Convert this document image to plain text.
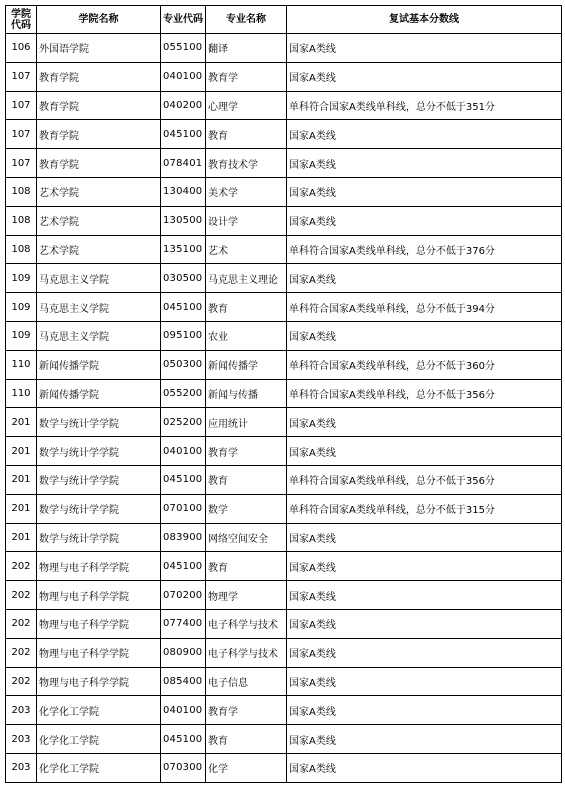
学院代码	学院名称	专业代码	专业名称	复试基本分数线
106	外国语学院	055100	翻译	国家A类线
107	教育学院	040100	教育学	国家A类线
107	教育学院	040200	心理学	单科符合国家A类线单科线，总分不低于351分
107	教育学院	045100	教育	国家A类线
107	教育学院	078401	教育技术学	国家A类线
108	艺术学院	130400	美术学	国家A类线
108	艺术学院	130500	设计学	国家A类线
108	艺术学院	135100	艺术	单科符合国家A类线单科线，总分不低于376分
109	马克思主义学院	030500	马克思主义理论	国家A类线
109	马克思主义学院	045100	教育	单科符合国家A类线单科线，总分不低于394分
109	马克思主义学院	095100	农业	国家A类线
110	新闻传播学院	050300	新闻传播学	单科符合国家A类线单科线，总分不低于360分
110	新闻传播学院	055200	新闻与传播	单科符合国家A类线单科线，总分不低于356分
201	数学与统计学学院	025200	应用统计	国家A类线
201	数学与统计学学院	040100	教育学	国家A类线
201	数学与统计学学院	045100	教育	单科符合国家A类线单科线，总分不低于356分
201	数学与统计学学院	070100	数学	单科符合国家A类线单科线，总分不低于315分
201	数学与统计学学院	083900	网络空间安全	国家A类线
202	物理与电子科学学院	045100	教育	国家A类线
202	物理与电子科学学院	070200	物理学	国家A类线
202	物理与电子科学学院	077400	电子科学与技术	国家A类线
202	物理与电子科学学院	080900	电子科学与技术	国家A类线
202	物理与电子科学学院	085400	电子信息	国家A类线
203	化学化工学院	040100	教育学	国家A类线
203	化学化工学院	045100	教育	国家A类线
203	化学化工学院	070300	化学	国家A类线
